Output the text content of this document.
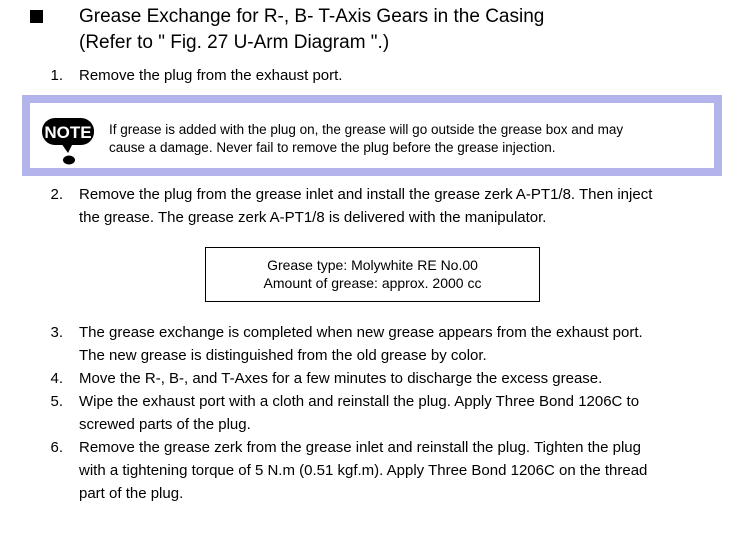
Grease Exchange for R-, B- T-Axis Gears in the Casing
(Refer to " Fig. 27 U-Arm Diagram ".)
1. Remove the plug from the exhaust port.
NOTE If grease is added with the plug on, the grease will go outside the grease box and may
cause a damage. Never fail to remove the plug before the grease injection.
2. Remove the plug from the grease inlet and install the grease zerk A-PT1/8. Then inject
the grease. The grease zerk A-PT1/8 is delivered with the manipulator.
Grease type: Molywhite RE No.00
Amount of grease: approx. 2000 cc
3. The grease exchange is completed when new grease appears from the exhaust port.
The new grease is distinguished from the old grease by color.
4. Move the R-, B-, and T-Axes for a few minutes to discharge the excess grease.
5. Wipe the exhaust port with a cloth and reinstall the plug. Apply Three Bond 1206C to
screwed parts of the plug.
6. Remove the grease zerk from the grease inlet and reinstall the plug. Tighten the plug
with a tightening torque of 5 N.m (0.51 kgf.m). Apply Three Bond 1206C on the thread
part of the plug.
